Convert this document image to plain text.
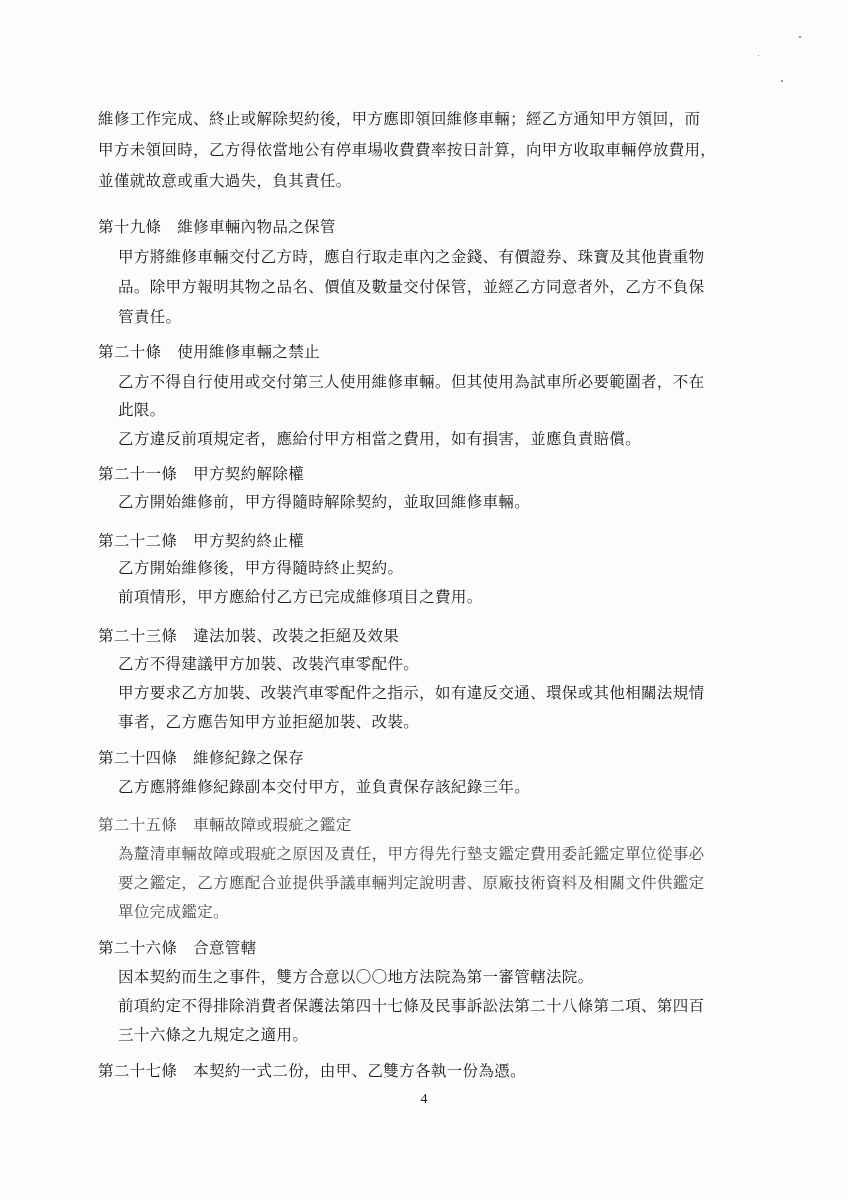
維修工作完成、終止或解除契約後，甲方應即領回維修車輛；經乙方通知甲方領回，而
甲方未領回時，乙方得依當地公有停車場收費費率按日計算，向甲方收取車輛停放費用，
並僅就故意或重大過失，負其責任。
第十九條　維修車輛內物品之保管
甲方將維修車輛交付乙方時，應自行取走車內之金錢、有價證券、珠寶及其他貴重物
品。除甲方報明其物之品名、價值及數量交付保管，並經乙方同意者外，乙方不負保
管責任。
第二十條　使用維修車輛之禁止
乙方不得自行使用或交付第三人使用維修車輛。但其使用為試車所必要範圍者，不在
此限。
乙方違反前項規定者，應給付甲方相當之費用，如有損害，並應負責賠償。
第二十一條　甲方契約解除權
乙方開始維修前，甲方得隨時解除契約，並取回維修車輛。
第二十二條　甲方契約終止權
乙方開始維修後，甲方得隨時終止契約。
前項情形，甲方應給付乙方已完成維修項目之費用。
第二十三條　違法加裝、改裝之拒絕及效果
乙方不得建議甲方加裝、改裝汽車零配件。
甲方要求乙方加裝、改裝汽車零配件之指示，如有違反交通、環保或其他相關法規情
事者，乙方應告知甲方並拒絕加裝、改裝。
第二十四條　維修紀錄之保存
乙方應將維修紀錄副本交付甲方，並負責保存該紀錄三年。
第二十五條　車輛故障或瑕疵之鑑定
為釐清車輛故障或瑕疵之原因及責任，甲方得先行墊支鑑定費用委託鑑定單位從事必
要之鑑定，乙方應配合並提供爭議車輛判定說明書、原廠技術資料及相關文件供鑑定
單位完成鑑定。
第二十六條　合意管轄
因本契約而生之事件，雙方合意以〇〇地方法院為第一審管轄法院。
前項約定不得排除消費者保護法第四十七條及民事訴訟法第二十八條第二項、第四百
三十六條之九規定之適用。
第二十七條　本契約一式二份，由甲、乙雙方各執一份為憑。
4
